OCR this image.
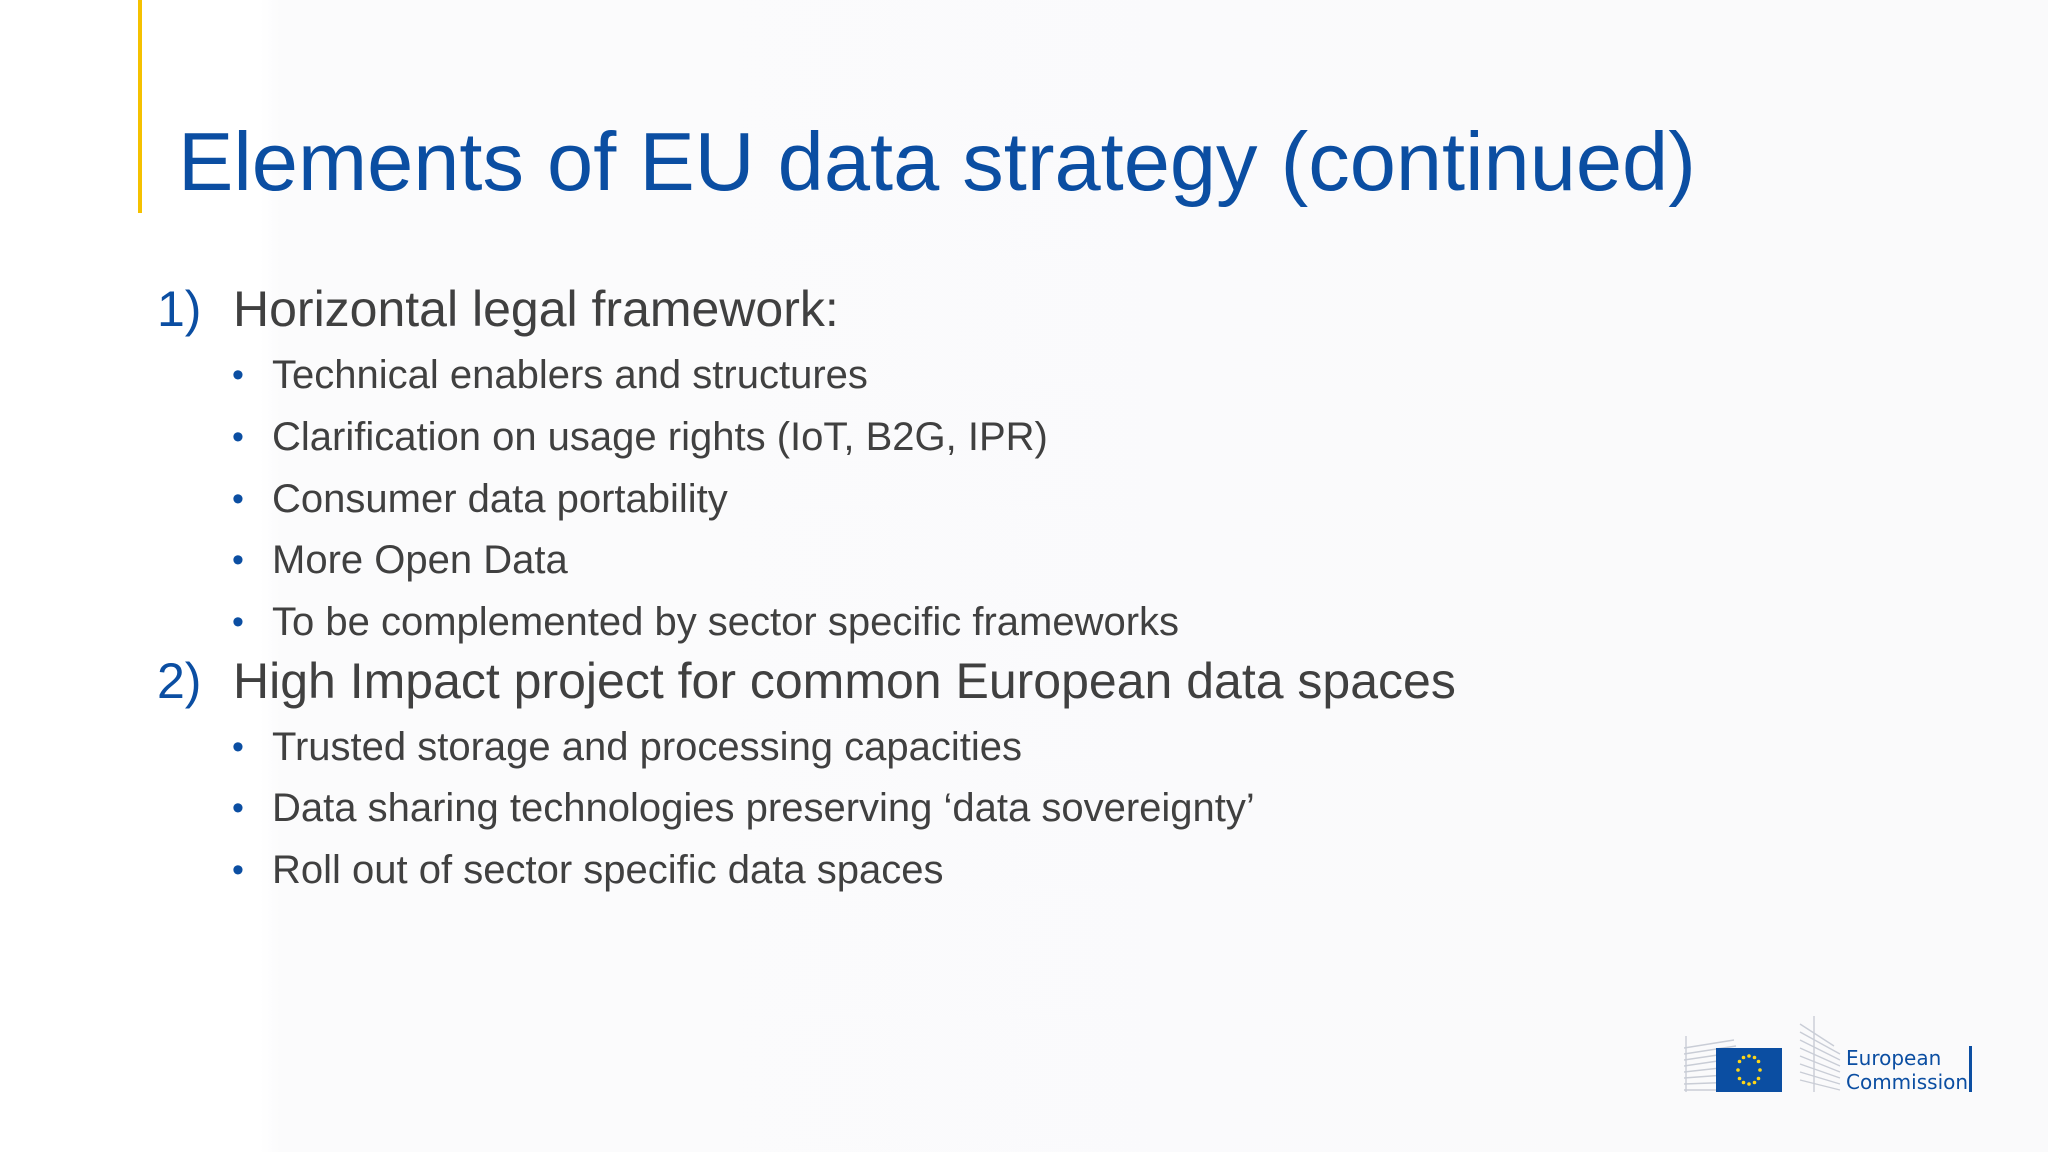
Elements of EU data strategy (continued)
1) Horizontal legal framework:
• Technical enablers and structures
• Clarification on usage rights (IoT, B2G, IPR)
• Consumer data portability
• More Open Data
• To be complemented by sector specific frameworks
2) High Impact project for common European data spaces
• Trusted storage and processing capacities
• Data sharing technologies preserving ‘data sovereignty’
• Roll out of sector specific data spaces
European
Commission
